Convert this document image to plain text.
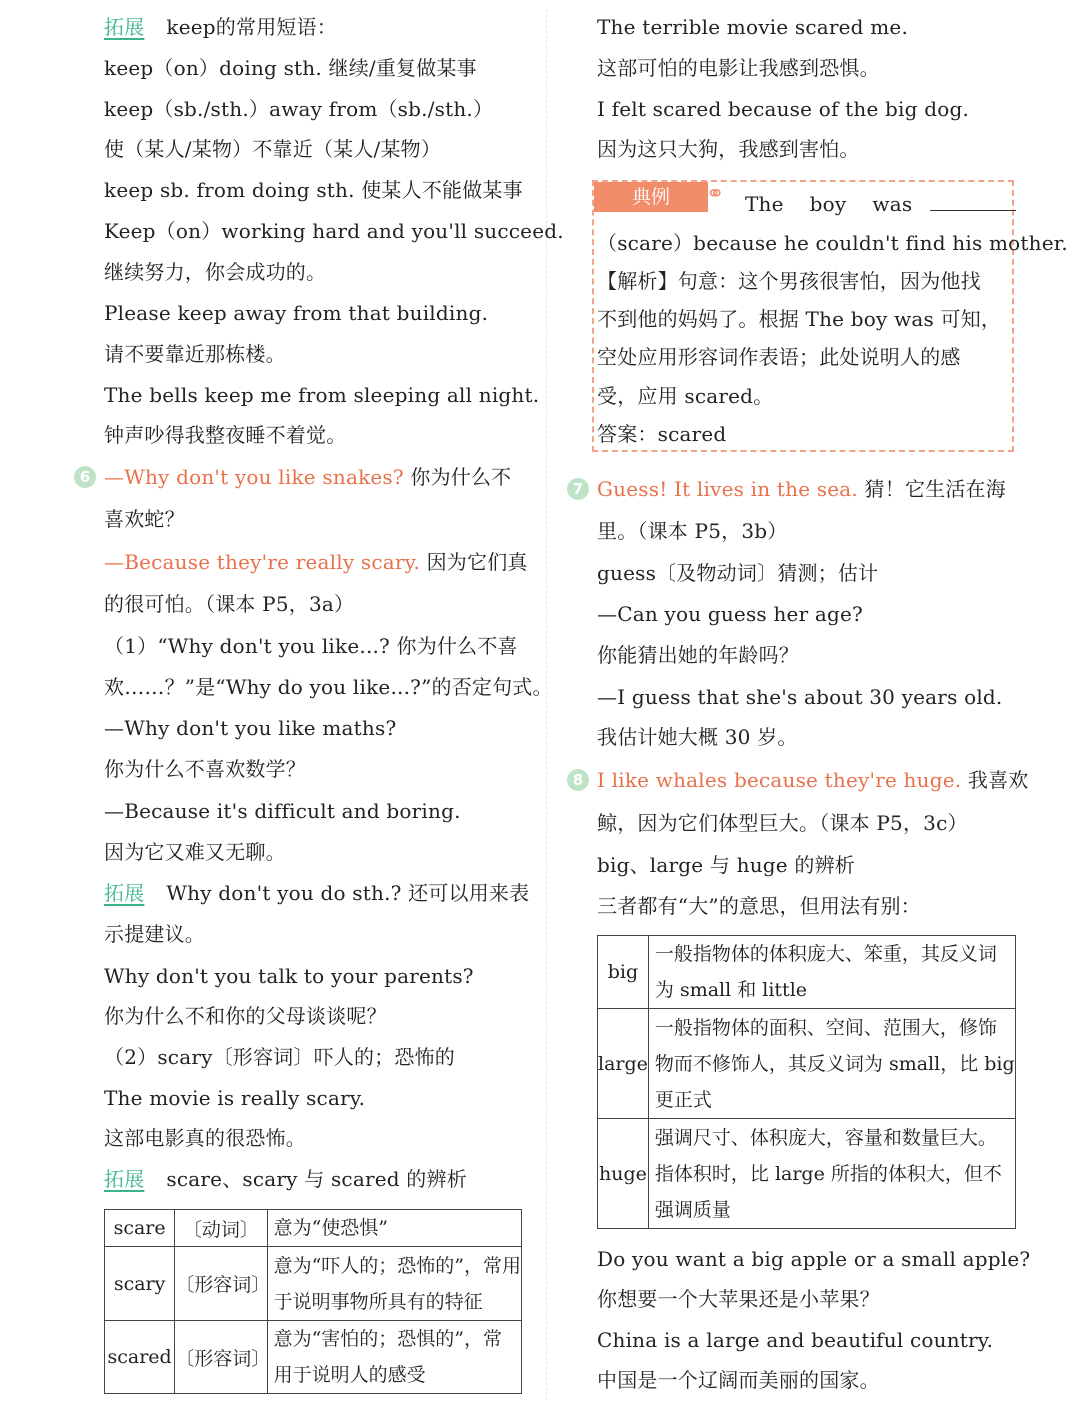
拓展 keep的常用短语：
keep（on）doing sth. 继续/重复做某事
keep（sb./sth.）away from（sb./sth.）
使（某人/某物）不靠近（某人/某物）
keep sb. from doing sth. 使某人不能做某事
Keep（on）working hard and you'll succeed.
继续努力，你会成功的。
Please keep away from that building.
请不要靠近那栋楼。
The bells keep me from sleeping all night.
钟声吵得我整夜睡不着觉。
6 —Why don't you like snakes? 你为什么不
喜欢蛇？
—Because they're really scary. 因为它们真
的很可怕。（课本 P5，3a）
（1）“Why don't you like...? 你为什么不喜
欢……？”是“Why do you like...?”的否定句式。
—Why don't you like maths?
你为什么不喜欢数学？
—Because it's difficult and boring.
因为它又难又无聊。
拓展 Why don't you do sth.? 还可以用来表
示提建议。
Why don't you talk to your parents?
你为什么不和你的父母谈谈呢？
（2）scary〔形容词〕吓人的；恐怖的
The movie is really scary.
这部电影真的很恐怖。
拓展 scare、scary 与 scared 的辨析
scare	〔动词〕	意为“使恐惧”

scary	〔形容词〕	意为“吓人的；恐怖的”，常用
于说明事物所具有的特征

scared	〔形容词〕	意为“害怕的；恐惧的”，常
用于说明人的感受
The terrible movie scared me.
这部可怕的电影让我感到恐惧。
I felt scared because of the big dog.
因为这只大狗，我感到害怕。
典例	⚭ The boy was
（scare）because he couldn't find his mother.
【解析】句意：这个男孩很害怕，因为他找
不到他的妈妈了。根据 The boy was 可知，
空处应用形容词作表语；此处说明人的感
受，应用 scared。
答案：scared
7 Guess! It lives in the sea. 猜！它生活在海
里。（课本 P5，3b）
guess〔及物动词〕猜测；估计
—Can you guess her age?
你能猜出她的年龄吗？
—I guess that she's about 30 years old.
我估计她大概 30 岁。
8 I like whales because they're huge. 我喜欢
鲸，因为它们体型巨大。（课本 P5，3c）
big、large 与 huge 的辨析
三者都有“大”的意思，但用法有别：
big	一般指物体的体积庞大、笨重，其反义词
为 small 和 little

large	一般指物体的面积、空间、范围大，修饰
物而不修饰人，其反义词为 small，比 big
更正式

huge	强调尺寸、体积庞大，容量和数量巨大。
指体积时，比 large 所指的体积大，但不
强调质量
Do you want a big apple or a small apple?
你想要一个大苹果还是小苹果？
China is a large and beautiful country.
中国是一个辽阔而美丽的国家。
